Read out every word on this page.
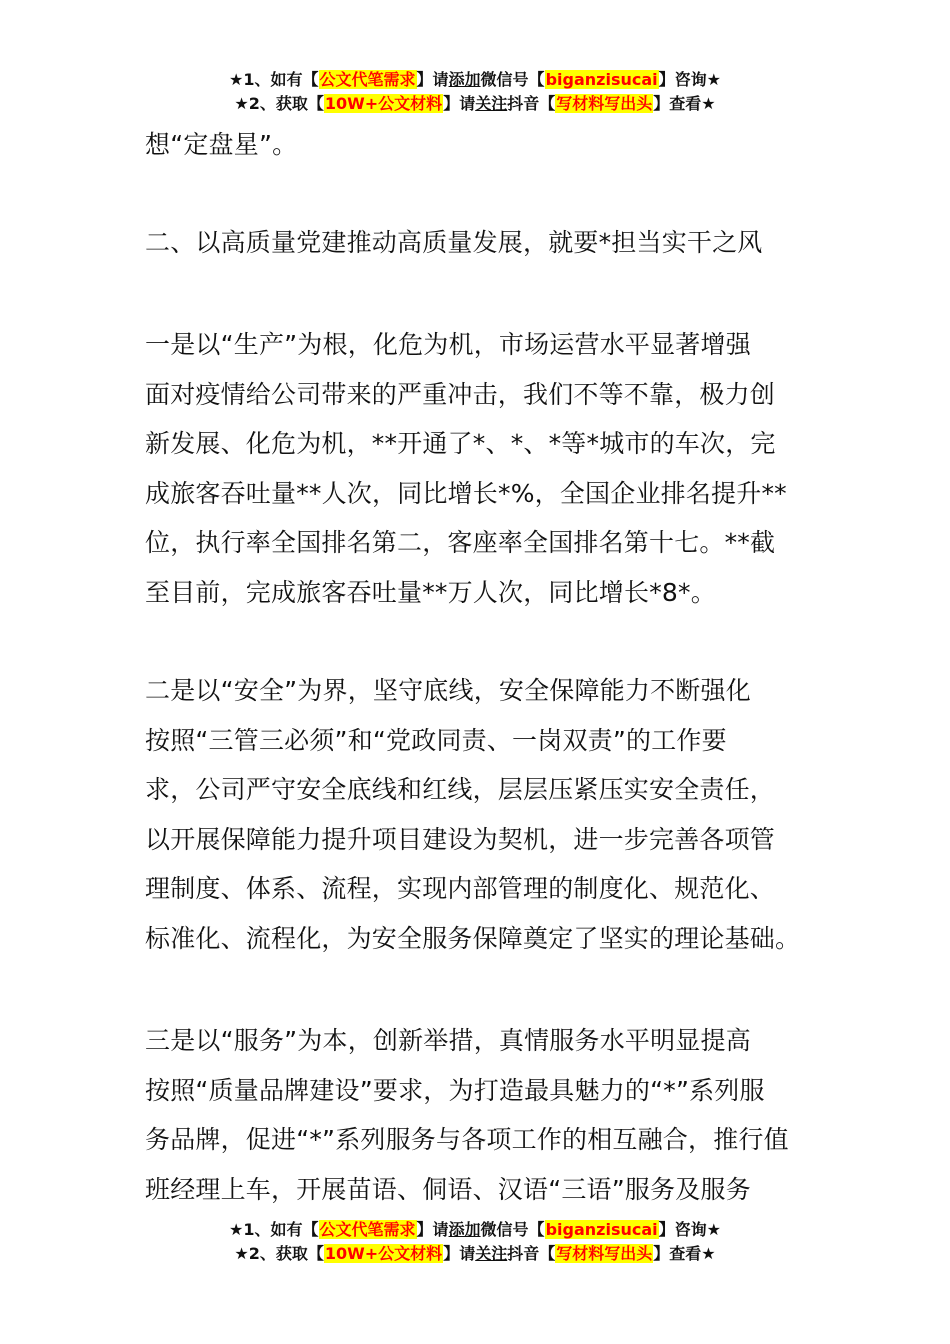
★1、如有【公文代笔需求】请添加微信号【biganzisucai】咨询★
★2、获取【10W+公文材料】请关注抖音【写材料写出头】查看★

想“定盘星”。

二、以高质量党建推动高质量发展，就要*担当实干之风

一是以“生产”为根，化危为机，市场运营水平显著增强

面对疫情给公司带来的严重冲击，我们不等不靠，极力创

新发展、化危为机，**开通了*、*、*等*城市的车次，完

成旅客吞吐量**人次，同比增长*%，全国企业排名提升**

位，执行率全国排名第二，客座率全国排名第十七。**截

至目前，完成旅客吞吐量**万人次，同比增长*8*。

二是以“安全”为界，坚守底线，安全保障能力不断强化

按照“三管三必须”和“党政同责、一岗双责”的工作要

求，公司严守安全底线和红线，层层压紧压实安全责任，

以开展保障能力提升项目建设为契机，进一步完善各项管

理制度、体系、流程，实现内部管理的制度化、规范化、

标准化、流程化，为安全服务保障奠定了坚实的理论基础。

三是以“服务”为本，创新举措，真情服务水平明显提高

按照“质量品牌建设”要求，为打造最具魅力的“*”系列服

务品牌，促进“*”系列服务与各项工作的相互融合，推行值

班经理上车，开展苗语、侗语、汉语“三语”服务及服务

★1、如有【公文代笔需求】请添加微信号【biganzisucai】咨询★
★2、获取【10W+公文材料】请关注抖音【写材料写出头】查看★
